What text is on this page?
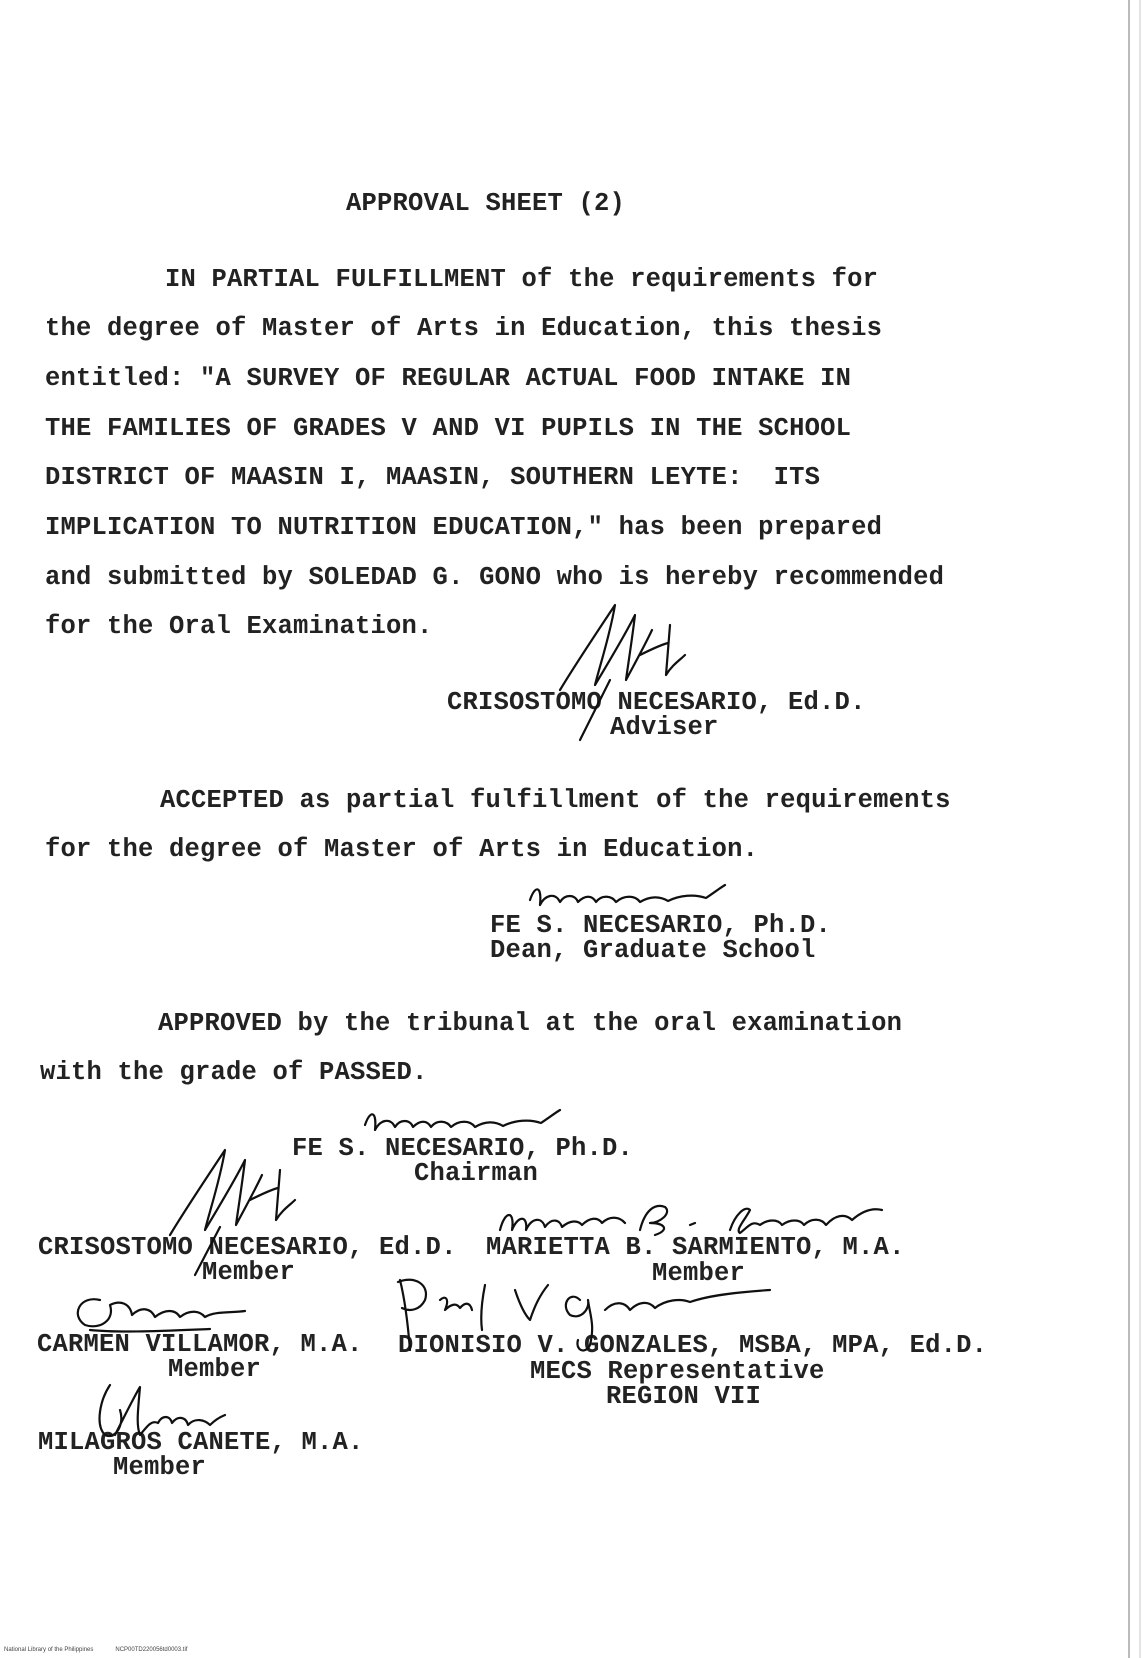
APPROVAL SHEET (2)
IN PARTIAL FULFILLMENT of the requirements for
the degree of Master of Arts in Education, this thesis
entitled: "A SURVEY OF REGULAR ACTUAL FOOD INTAKE IN
THE FAMILIES OF GRADES V AND VI PUPILS IN THE SCHOOL
DISTRICT OF MAASIN I, MAASIN, SOUTHERN LEYTE:  ITS
IMPLICATION TO NUTRITION EDUCATION," has been prepared
and submitted by SOLEDAD G. GONO who is hereby recommended
for the Oral Examination.
CRISOSTOMO NECESARIO, Ed.D.
Adviser
ACCEPTED as partial fulfillment of the requirements
for the degree of Master of Arts in Education.
FE S. NECESARIO, Ph.D.
Dean, Graduate School
APPROVED by the tribunal at the oral examination
with the grade of PASSED.
FE S. NECESARIO, Ph.D.
Chairman
CRISOSTOMO NECESARIO, Ed.D.
Member
MARIETTA B. SARMIENTO, M.A.
Member
CARMEN VILLAMOR, M.A.
Member
DIONISIO V. GONZALES, MSBA, MPA, Ed.D.
MECS Representative
REGION VII
MILAGROS CANETE, M.A.
Member
National Library of the Philippines	NCP00TD220056td0003.tif
